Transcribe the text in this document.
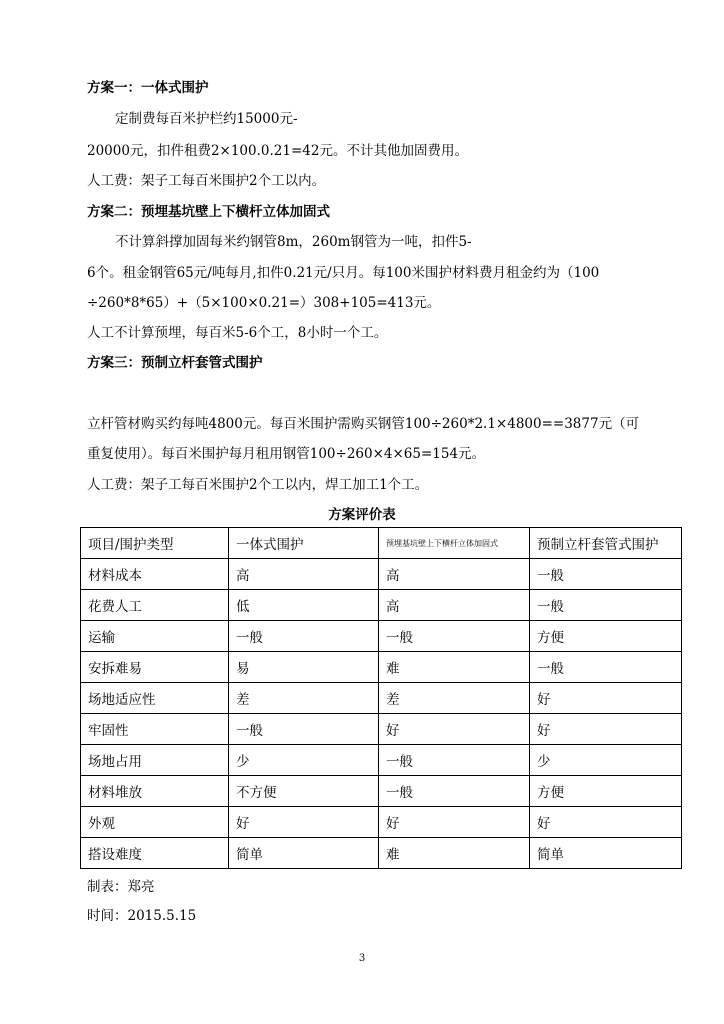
方案一：一体式围护
定制费每百米护栏约15000元-
20000元，扣件租费2×100.0.21=42元。不计其他加固费用。
人工费：架子工每百米围护2个工以内。
方案二：预埋基坑壁上下横杆立体加固式
不计算斜撑加固每米约钢管8m，260m钢管为一吨，扣件5-
6个。租金钢管65元/吨每月,扣件0.21元/只月。每100米围护材料费月租金约为（100
÷260*8*65）+（5×100×0.21=）308+105=413元。
人工不计算预埋，每百米5-6个工，8小时一个工。
方案三：预制立杆套管式围护
立杆管材购买约每吨4800元。每百米围护需购买钢管100÷260*2.1×4800==3877元（可
重复使用）。每百米围护每月租用钢管100÷260×4×65=154元。
人工费：架子工每百米围护2个工以内，焊工加工1个工。
方案评价表
项目/围护类型	一体式围护	预埋基坑壁上下横杆立体加固式	预制立杆套管式围护
材料成本	高	高	一般
花费人工	低	高	一般
运输	一般	一般	方便
安拆难易	易	难	一般
场地适应性	差	差	好
牢固性	一般	好	好
场地占用	少	一般	少
材料堆放	不方便	一般	方便
外观	好	好	好
搭设难度	简单	难	简单
制表：郑亮
时间：2015.5.15
3
